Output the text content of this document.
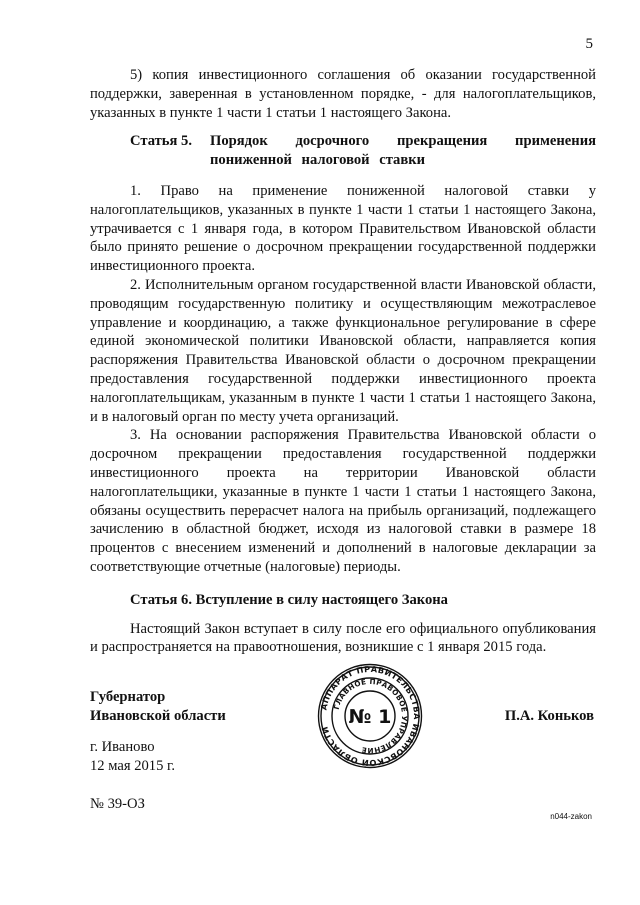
5

5) копия инвестиционного соглашения об оказании государственной поддержки, заверенная в установленном порядке, - для налогоплательщиков, указанных в пункте 1 части 1 статьи 1 настоящего Закона.

Статья 5.	Порядок досрочного прекращения применения
пониженной налоговой ставки

1. Право на применение пониженной налоговой ставки у налогоплательщиков, указанных в пункте 1 части 1 статьи 1 настоящего Закона, утрачивается с 1 января года, в котором Правительством Ивановской области было принято решение о досрочном прекращении государственной поддержки инвестиционного проекта.

2. Исполнительным органом государственной власти Ивановской области, проводящим государственную политику и осуществляющим межотраслевое управление и координацию, а также функциональное регулирование в сфере единой экономической политики Ивановской области, направляется копия распоряжения Правительства Ивановской области о досрочном прекращении предоставления государственной поддержки инвестиционного проекта налогоплательщикам, указанным в пункте 1 части 1 статьи 1 настоящего Закона, и в налоговый орган по месту учета организаций.

3. На основании распоряжения Правительства Ивановской области о досрочном прекращении предоставления государственной поддержки инвестиционного проекта на территории Ивановской области налогоплательщики, указанные в пункте 1 части 1 статьи 1 настоящего Закона, обязаны осуществить перерасчет налога на прибыль организаций, подлежащего зачислению в областной бюджет, исходя из налоговой ставки в размере 18 процентов с внесением изменений и дополнений в налоговые декларации за соответствующие отчетные (налоговые) периоды.

Статья 6. Вступление в силу настоящего Закона

Настоящий Закон вступает в силу после его официального опубликования и распространяется на правоотношения, возникшие с 1 января 2015 года.

Губернатор
Ивановской области	П.А. Коньков
АППАРАТ ПРАВИТЕЛЬСТВА ИВАНОВСКОЙ ОБЛАСТИ
ГЛАВНОЕ ПРАВОВОЕ УПРАВЛЕНИЕ
№ 1
г. Иваново
12 мая 2015 г.
№ 39-ОЗ
n044-zakon
